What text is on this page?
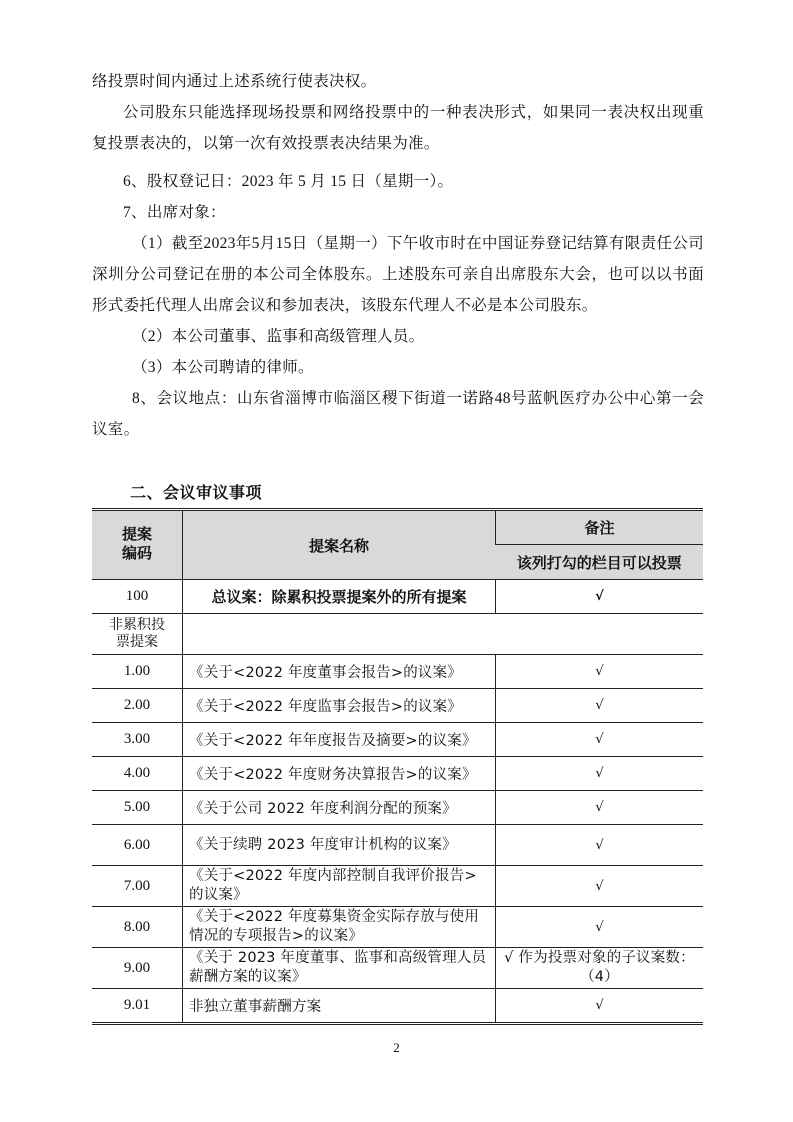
络投票时间内通过上述系统行使表决权。

公司股东只能选择现场投票和网络投票中的一种表决形式，如果同一表决权出现重复投票表决的，以第一次有效投票表决结果为准。

6、股权登记日：2023 年 5 月 15 日（星期一）。

7、出席对象：

（1）截至2023年5月15日（星期一）下午收市时在中国证券登记结算有限责任公司深圳分公司登记在册的本公司全体股东。上述股东可亲自出席股东大会，也可以以书面形式委托代理人出席会议和参加表决，该股东代理人不必是本公司股东。

（2）本公司董事、监事和高级管理人员。

（3）本公司聘请的律师。

8、会议地点：山东省淄博市临淄区稷下街道一诺路48号蓝帆医疗办公中心第一会议室。

二、会议审议事项
提案编码	提案名称	备注
		该列打勾的栏目可以投票
100	总议案：除累积投票提案外的所有提案	√
非累积投票提案		
1.00	《关于<2022 年度董事会报告>的议案》	√
2.00	《关于<2022 年度监事会报告>的议案》	√
3.00	《关于<2022 年年度报告及摘要>的议案》	√
4.00	《关于<2022 年度财务决算报告>的议案》	√
5.00	《关于公司 2022 年度利润分配的预案》	√
6.00	《关于续聘 2023 年度审计机构的议案》	√
7.00	《关于<2022 年度内部控制自我评价报告>的议案》	√
8.00	《关于<2022 年度募集资金实际存放与使用情况的专项报告>的议案》	√
9.00	《关于 2023 年度董事、监事和高级管理人员薪酬方案的议案》	√ 作为投票对象的子议案数：（4）
9.01	非独立董事薪酬方案	√
2
